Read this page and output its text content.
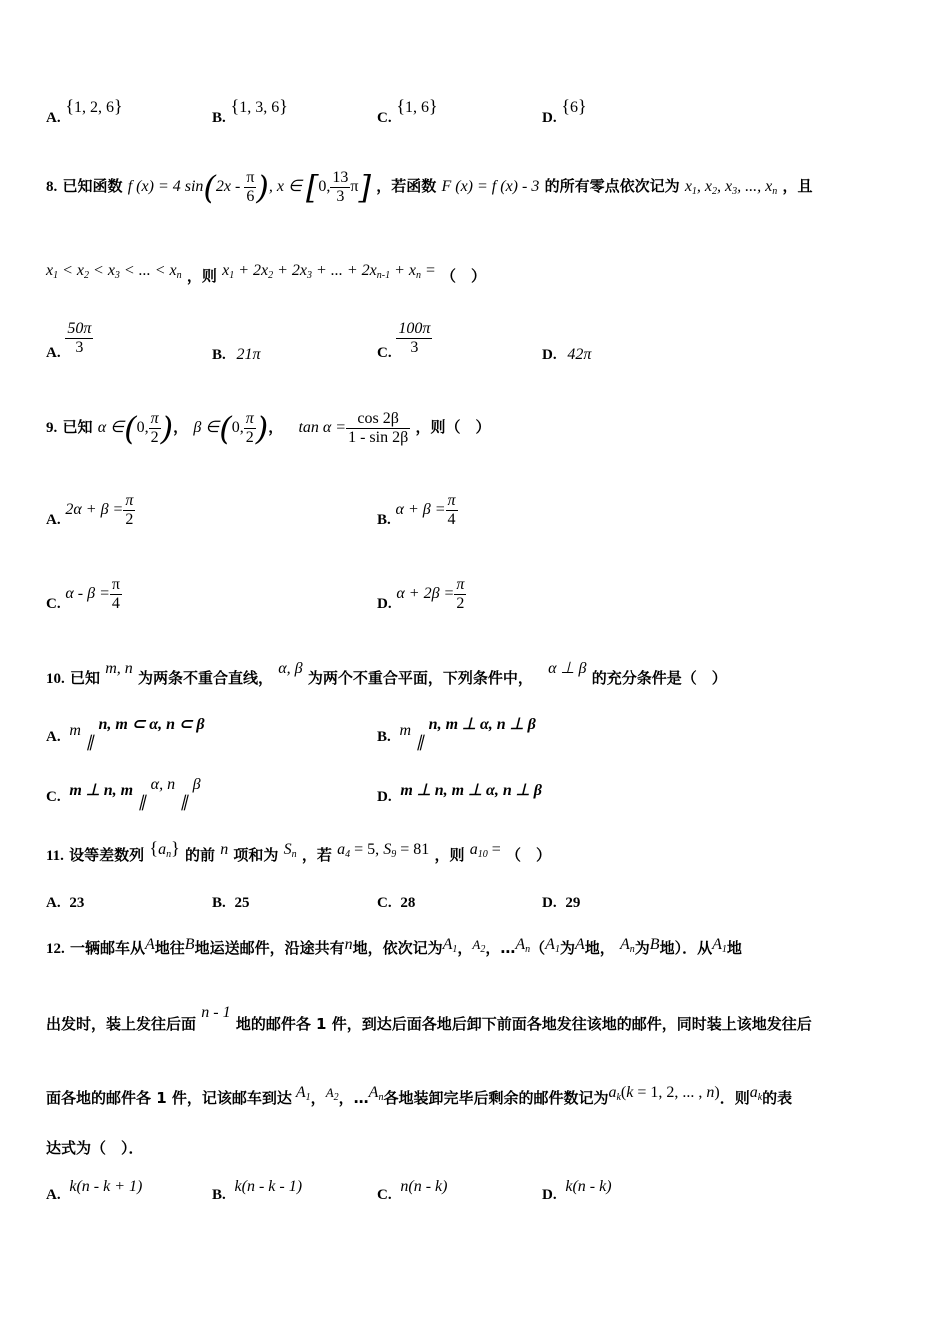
A. {1, 2, 6}
B. {1, 3, 6}
C. {1, 6}
D. {6}
8. 已知函数 f (x) = 4 $\sin(2x - \frac{\pi}{6}$ ), x ∈ [0, $\frac{13}{3} \pi$] ，若函数 F (x) = f (x) - 3 的所有零点依次记为 $x_1$, $x_2$, $x_3$, ..., $x_n$ ，且
$x_1 < x_2 < x_3$ < ... < $x_n$ ，则 $x_1 + 2x_2 + 2x_3$ + ... + $2x_{n-1} + x_n$ = （　）
A. $\frac{50\pi}{3}$	B. 21π	C. $\frac{100\pi}{3}$	D. 42π
9. 已知 α ∈(0, $\frac{\pi}{2}$ )， β ∈(0, $\frac{\pi}{2}$ )， $\tan \alpha = \frac{\cos 2\beta}{1 - \sin 2\beta}$ ，则（　）
A. $2\alpha + \beta = \frac{\pi}{2}$	B. $\alpha + \beta = \frac{\pi}{4}$
C. $\alpha - \beta = \frac{\pi}{4}$	D. $\alpha + 2\beta = \frac{\pi}{2}$
10. 已知 m, n 为两条不重合直线， α, β 为两个不重合平面，下列条件中， α ⊥ β 的充分条件是（　）
A. m ∥ n, m ⊂ α, n ⊂ β
B. m ∥ n, m ⊥ α, n ⊥ β
C. m ⊥ n, m ∥ α, n ∥ β
D. m ⊥ n, m ⊥ α, n ⊥ β
11. 设等差数列 $\{a_n\}$ 的前 n 项和为 $S_n$ ，若 $a_4 = 5$, $S_9 = 81$ ，则 $a_{10}$ = （　）
A. 23	B. 25	C. 28	D. 29
12. 一辆邮车从A地往B地运送邮件，沿途共有n地，依次记为$A_1$，$A_2$，$\dots A_n(A_1$为A地， $A_n$为B地）．从$A_1$地
出发时，装上发往后面 n - 1 地的邮件各 1 件，到达后面各地后卸下前面各地发往该地的邮件，同时装上该地发往后
面各地的邮件各 1 件，记该邮车到达 $A_1$，$A_2$，$\dots A_n$各地装卸完毕后剩余的邮件数记为$a_k(k = 1$, 2, ... , n)．则$a_k$的表
达式为（　）．
A. k(n - k + 1)	B. k(n - k - 1)	C. n(n - k)	D. k(n - k)
